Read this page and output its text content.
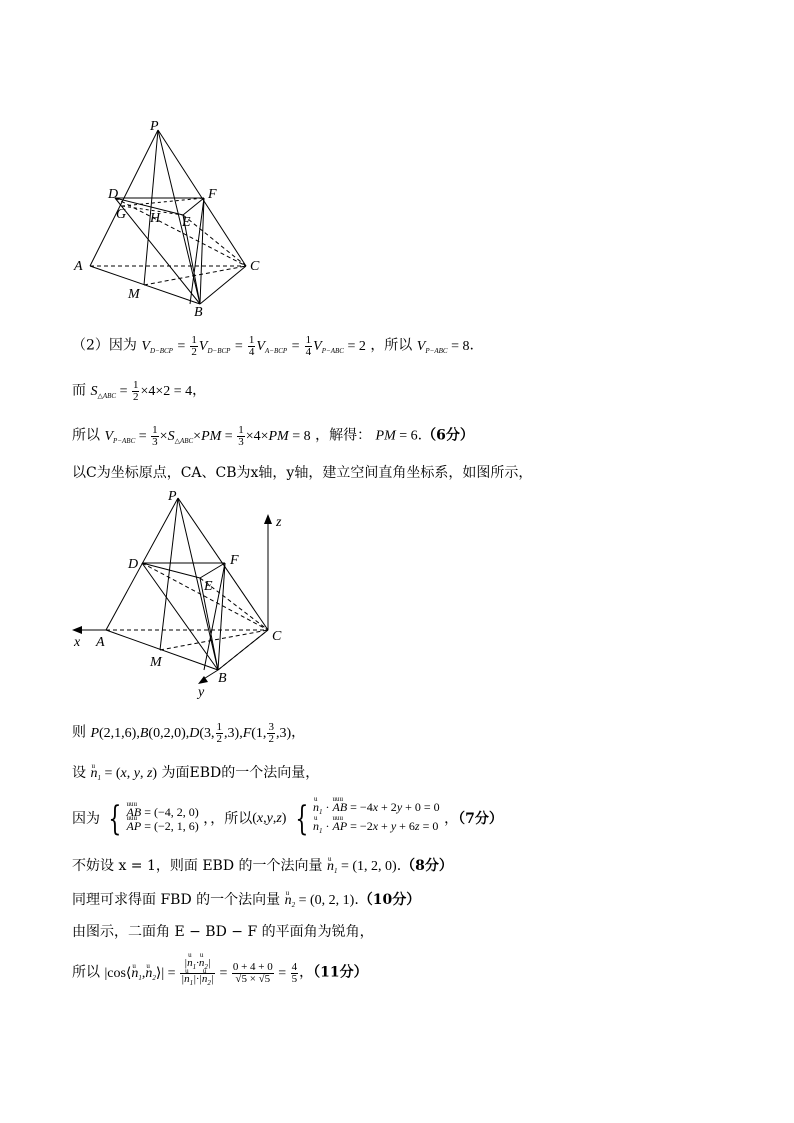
P
D	F
G H E
A	C
M
B
（2）因为 $V_{D-BCP} = \frac{1}{2} V_{D-BCP} = \frac{1}{4} V_{A-BCP} = \frac{1}{4} V_{P-ABC} = 2$ ，所以 $V_{P-ABC} = 8$.
而 $S_{\triangle ABC} = \frac{1}{2} \times 4\times 2 = 4$，
所以 $V_{P-ABC} = \frac{1}{3} \times S_{\triangle ABC}\times PM = \frac{1}{3} \times 4\times PM = 8$ ，解得： PM = 6.（6分）
以C为坐标原点，CA、CB为x轴，y轴，建立空间直角坐标系，如图所示，
P
D	F
E
x A	C
M
B
y
z
则 P(2,1,6),B(0,2,0),D(3, $\frac{1}{2} ,3),F(1$, $\frac{3}{2} ,3$)，
设 u $n_1 = (x$, y, z) 为面EBD的一个法向量，
因为 { uuu AB = (−4, 2, 0)
uuu AP = (−2, 1, 6) ，，所以(x,y,z) { u $n_1$ · uuu AB = −4x + 2y + 0 = 0
u $n_1$ · uuu AP = −2x + y + 6z = 0 ，（7分）
不妨设 x = 1，则面 EBD 的一个法向量 u $n_1 = (1$, 2, 0).（8分）
同理可求得面 FBD 的一个法向量 u $n_2 = (0$, 2, 1).（10分）
由图示，二面角 E − BD − F 的平面角为锐角，
所以 |cos⟨u $n_1,u$ $n_2⟩| = \frac{|u n_1\cdot u n_2|}{|u n_1|\cdot|u n_2|} = \frac{0 + 4 + 0}{√5 \times √5} = \frac{4}{5}$ ，（11分）
